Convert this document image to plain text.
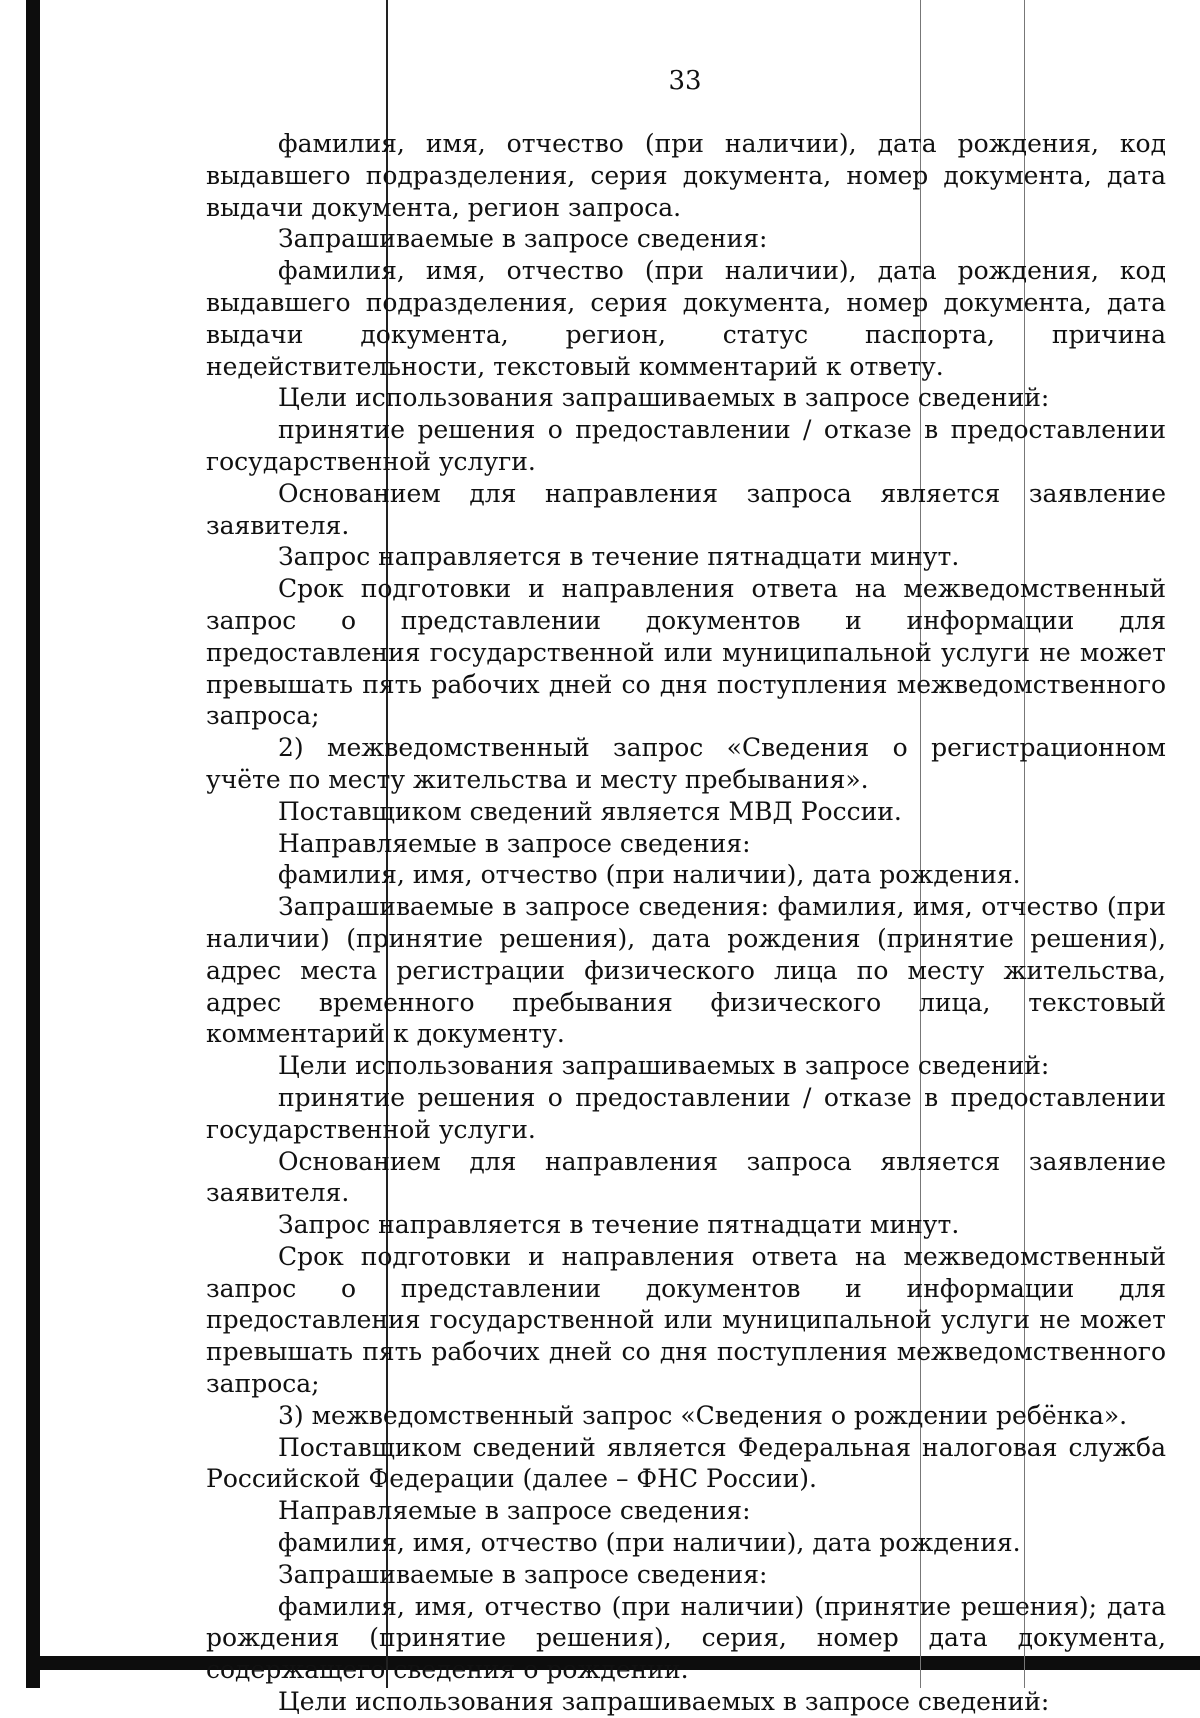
33

фамилия, имя, отчество (при наличии), дата рождения, код выдавшего подразделения, серия документа, номер документа, дата выдачи документа, регион запроса.

Запрашиваемые в запросе сведения:

фамилия, имя, отчество (при наличии), дата рождения, код выдавшего подразделения, серия документа, номер документа, дата выдачи документа, регион, статус паспорта, причина недействительности, текстовый комментарий к ответу.

Цели использования запрашиваемых в запросе сведений:

принятие решения о предоставлении / отказе в предоставлении государственной услуги.

Основанием для направления запроса является заявление заявителя.

Запрос направляется в течение пятнадцати минут.

Срок подготовки и направления ответа на межведомственный запрос о представлении документов и информации для предоставления государственной или муниципальной услуги не может превышать пять рабочих дней со дня поступления межведомственного запроса;

2) межведомственный запрос «Сведения о регистрационном учёте по месту жительства и месту пребывания».

Поставщиком сведений является МВД России.

Направляемые в запросе сведения:

фамилия, имя, отчество (при наличии), дата рождения.

Запрашиваемые в запросе сведения: фамилия, имя, отчество (при наличии) (принятие решения), дата рождения (принятие решения), адрес места регистрации физического лица по месту жительства, адрес временного пребывания физического лица, текстовый комментарий к документу.

Цели использования запрашиваемых в запросе сведений:

принятие решения о предоставлении / отказе в предоставлении государственной услуги.

Основанием для направления запроса является заявление заявителя.

Запрос направляется в течение пятнадцати минут.

Срок подготовки и направления ответа на межведомственный запрос о представлении документов и информации для предоставления государственной или муниципальной услуги не может превышать пять рабочих дней со дня поступления межведомственного запроса;

3) межведомственный запрос «Сведения о рождении ребёнка».

Поставщиком сведений является Федеральная налоговая служба Российской Федерации (далее – ФНС России).

Направляемые в запросе сведения:

фамилия, имя, отчество (при наличии), дата рождения.

Запрашиваемые в запросе сведения:

фамилия, имя, отчество (при наличии) (принятие решения); дата рождения (принятие решения), серия, номер дата документа, содержащего сведения о рождении.

Цели использования запрашиваемых в запросе сведений:
